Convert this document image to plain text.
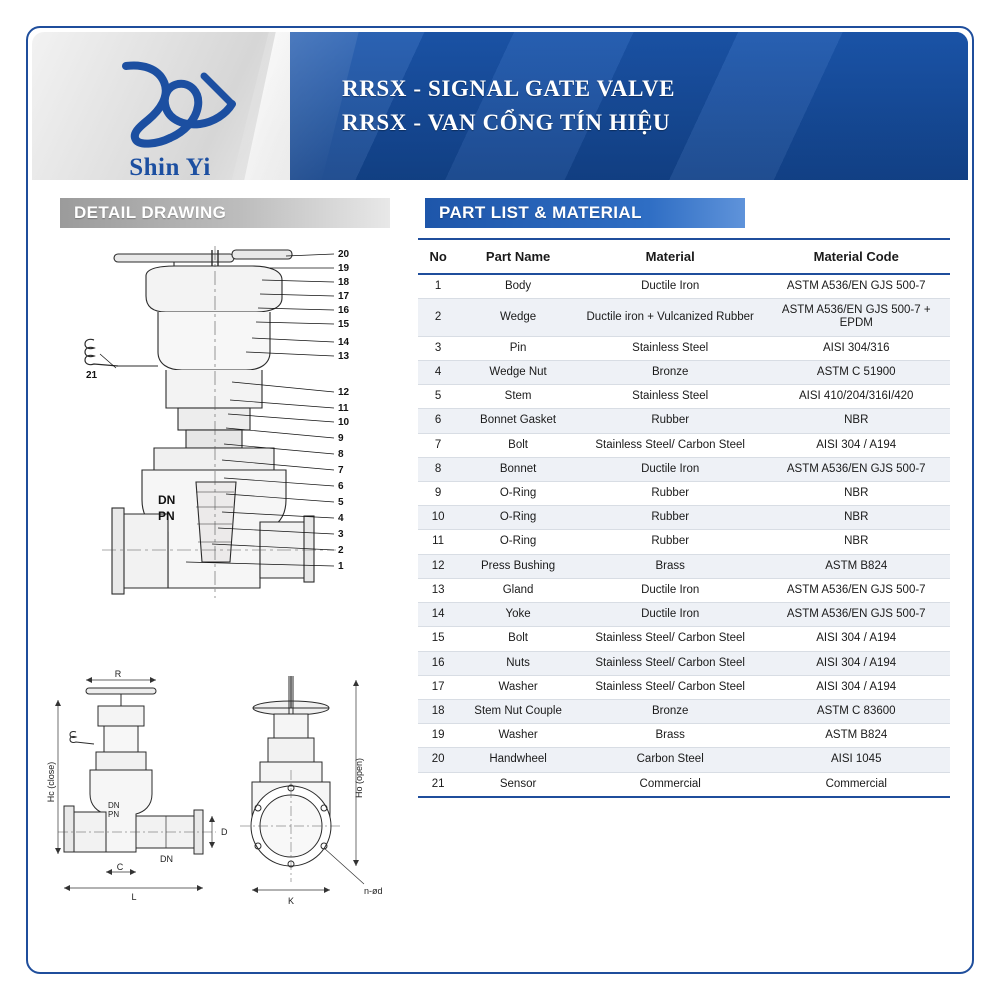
RRSX - SIGNAL GATE VALVE
RRSX - VAN CỔNG TÍN HIỆU
Shin Yi
DETAIL DRAWING	PART LIST & MATERIAL
DN
PN
20
19
18
17
16
15
14
13
12
11
10
9
8
7
6
5
4
3
2
1
21
R
Hc (close)
C
L
D
DN
DN
PN
Ho (open)
K
n-ød
No	Part Name	Material	Material Code
1	Body	Ductile Iron	ASTM A536/EN GJS 500-7
2	Wedge	Ductile iron + Vulcanized Rubber	ASTM A536/EN GJS 500-7 + EPDM
3	Pin	Stainless Steel	AISI 304/316
4	Wedge Nut	Bronze	ASTM C 51900
5	Stem	Stainless Steel	AISI 410/204/316I/420
6	Bonnet Gasket	Rubber	NBR
7	Bolt	Stainless Steel/ Carbon Steel	AISI 304 / A194
8	Bonnet	Ductile Iron	ASTM A536/EN GJS 500-7
9	O-Ring	Rubber	NBR
10	O-Ring	Rubber	NBR
11	O-Ring	Rubber	NBR
12	Press Bushing	Brass	ASTM B824
13	Gland	Ductile Iron	ASTM A536/EN GJS 500-7
14	Yoke	Ductile Iron	ASTM A536/EN GJS 500-7
15	Bolt	Stainless Steel/ Carbon Steel	AISI 304 / A194
16	Nuts	Stainless Steel/ Carbon Steel	AISI 304 / A194
17	Washer	Stainless Steel/ Carbon Steel	AISI 304 / A194
18	Stem Nut Couple	Bronze	ASTM C 83600
19	Washer	Brass	ASTM B824
20	Handwheel	Carbon Steel	AISI 1045
21	Sensor	Commercial	Commercial
